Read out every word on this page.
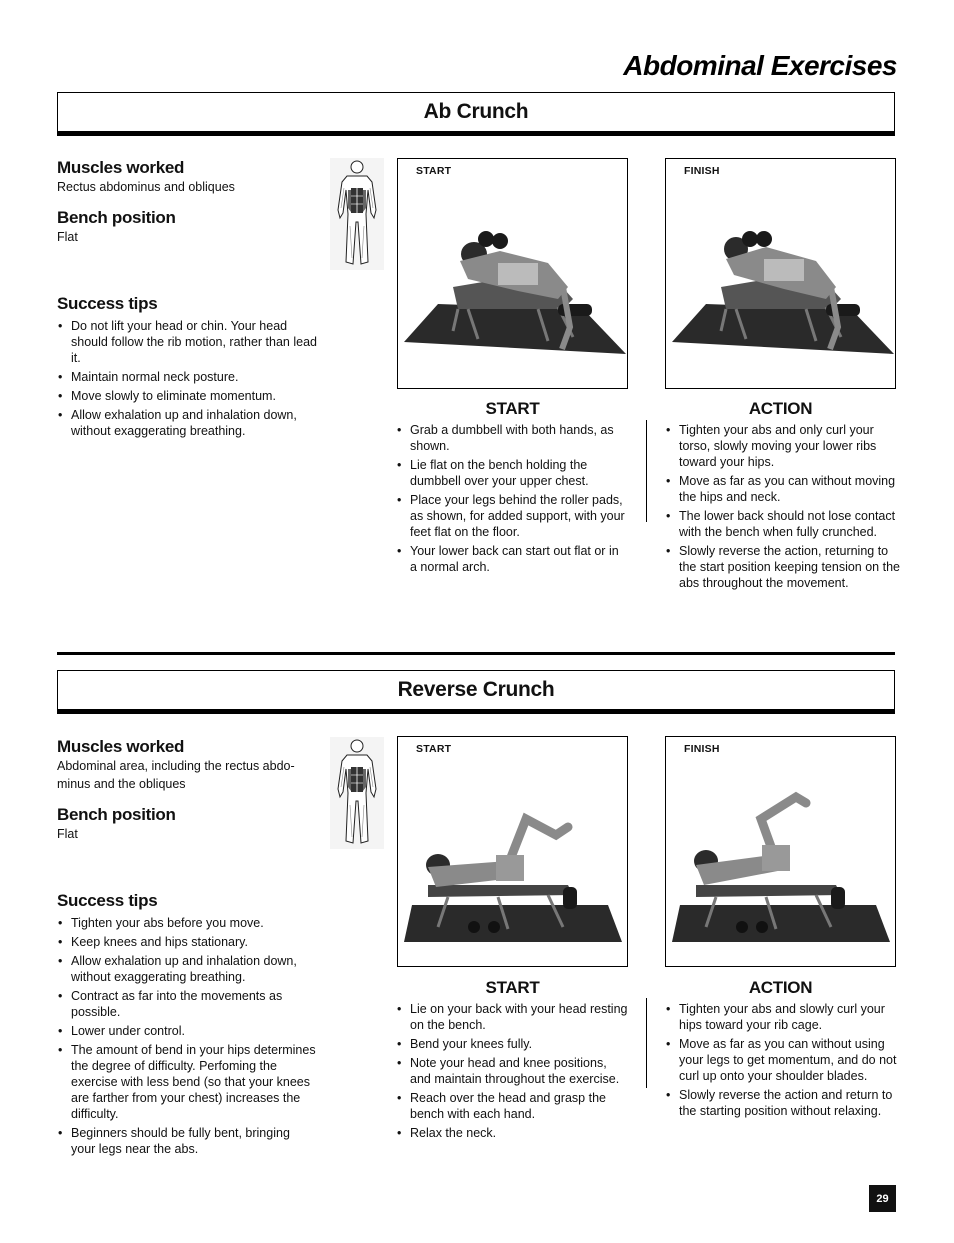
Abdominal Exercises
Ab Crunch
Muscles worked

Rectus abdominus and obliques

Bench position

Flat

Success tips
• Do not lift your head or chin. Your head should follow the rib motion, rather than lead it.
• Maintain normal neck posture.
• Move slowly to eliminate momentum.
• Allow exhalation up and inhalation down, without exaggerating breathing.
START	FINISH
START	ACTION
• Grab a dumbbell with both hands, as shown.
• Lie flat on the bench holding the dumbbell over your upper chest.
• Place your legs behind the roller pads, as shown, for added support, with your feet flat on the floor.
• Your lower back can start out flat or in a normal arch.
• Tighten your abs and only curl your torso, slowly moving your lower ribs toward your hips.
• Move as far as you can without moving the hips and neck.
• The lower back should not lose contact with the bench when fully crunched.
• Slowly reverse the action, returning to the start position keeping tension on the abs throughout the movement.
Reverse Crunch
Muscles worked

Abdominal area, including the rectus abdo-minus and the obliques

Bench position

Flat

Success tips
• Tighten your abs before you move.
• Keep knees and hips stationary.
• Allow exhalation up and inhalation down, without exaggerating breathing.
• Contract as far into the movements as possible.
• Lower under control.
• The amount of bend in your hips determines the degree of difficulty. Perfoming the exercise with less bend (so that your knees are farther from your chest) increases the difficulty.
• Beginners should be fully bent, bringing your legs near the abs.
START	FINISH
START	ACTION
• Lie on your back with your head resting on the bench.
• Bend your knees fully.
• Note your head and knee positions, and maintain throughout the exercise.
• Reach over the head and grasp the bench with each hand.
• Relax the neck.
• Tighten your abs and slowly curl your hips toward your rib cage.
• Move as far as you can without using your legs to get momentum, and do not curl up onto your shoulder blades.
• Slowly reverse the action and return to the starting position without relaxing.
29
